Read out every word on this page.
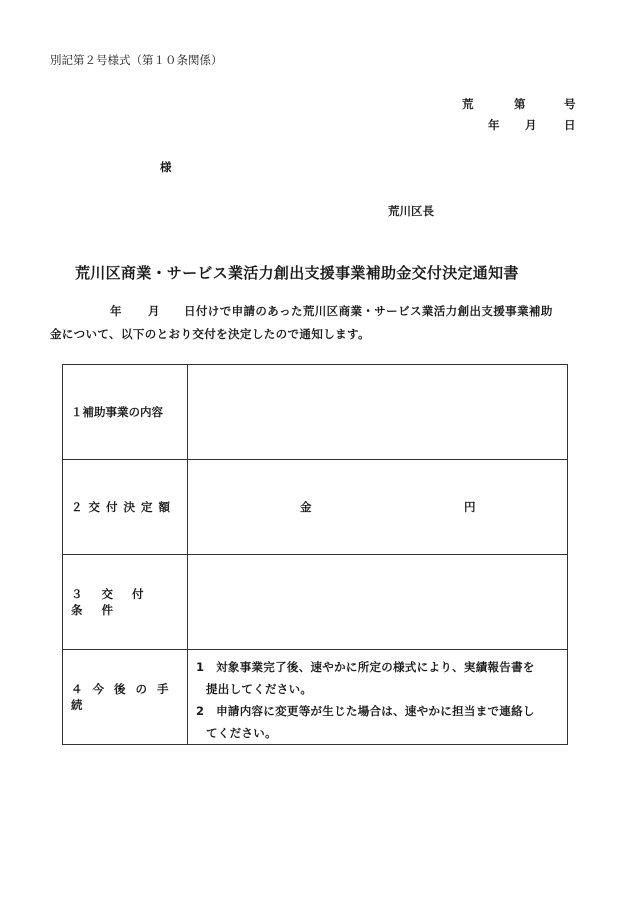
別記第２号様式（第１０条関係）
荒	第	号
年 月 日
様
荒川区長
荒川区商業・サービス業活力創出支援事業補助金交付決定通知書
年 月 日付けで申請のあった荒川区商業・サービス業活力創出支援事業補助
金について、以下のとおり交付を決定したので通知します。
１補助事業の内容	
２交付決定額	金 円

３交付条件	
４今後の手続	1　対象事業完了後、速やかに所定の様式により、実績報告書を
提出してください。
2　申請内容に変更等が生じた場合は、速やかに担当まで連絡し
てください。
